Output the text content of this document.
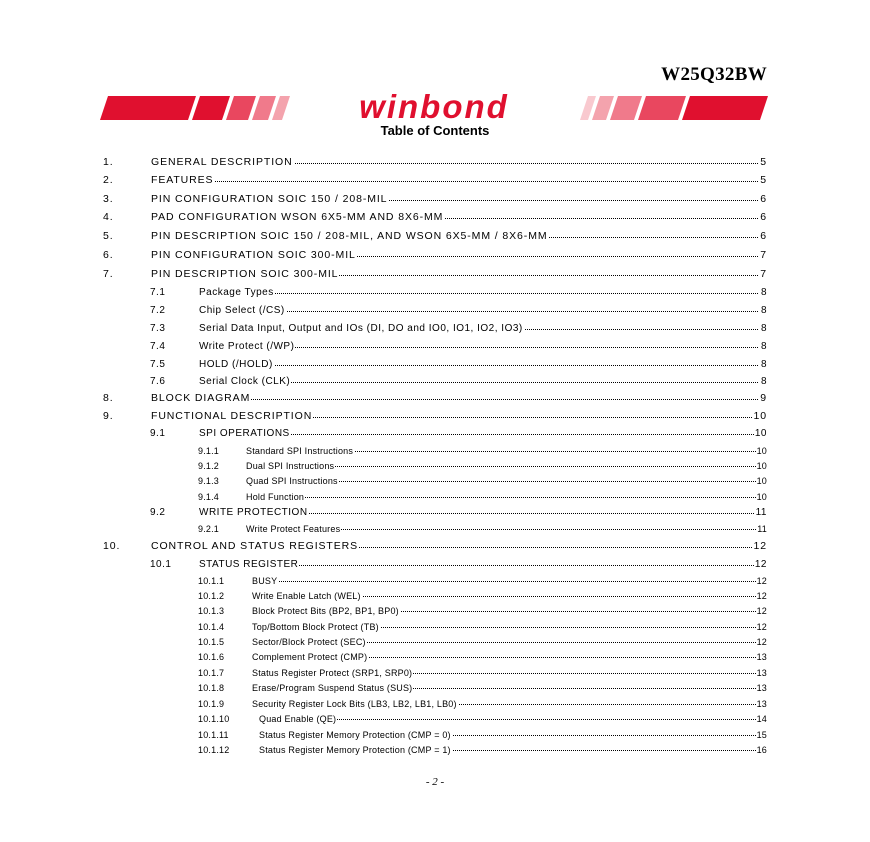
W25Q32BW
winbond
Table of Contents
1.	GENERAL DESCRIPTION	5
2.	FEATURES	5
3.	PIN CONFIGURATION SOIC 150 / 208-MIL	6
4.	PAD CONFIGURATION WSON 6X5-MM AND 8X6-MM	6
5.	PIN DESCRIPTION SOIC 150 / 208-MIL, AND WSON 6X5-MM / 8X6-MM	6
6.	PIN CONFIGURATION SOIC 300-MIL	7
7.	PIN DESCRIPTION SOIC 300-MIL	7
7.1	Package Types	8
7.2	Chip Select (/CS)	8
7.3	Serial Data Input, Output and IOs (DI, DO and IO0, IO1, IO2, IO3)	8
7.4	Write Protect (/WP)	8
7.5	HOLD (/HOLD)	8
7.6	Serial Clock (CLK)	8
8.	BLOCK DIAGRAM	9
9.	FUNCTIONAL DESCRIPTION	10
9.1	SPI OPERATIONS	10
9.1.1	Standard SPI Instructions	10
9.1.2	Dual SPI Instructions	10
9.1.3	Quad SPI Instructions	10
9.1.4	Hold Function	10
9.2	WRITE PROTECTION	11
9.2.1	Write Protect Features	11
10.	CONTROL AND STATUS REGISTERS	12
10.1	STATUS REGISTER	12
10.1.1	BUSY	12
10.1.2	Write Enable Latch (WEL)	12
10.1.3	Block Protect Bits (BP2, BP1, BP0)	12
10.1.4	Top/Bottom Block Protect (TB)	12
10.1.5	Sector/Block Protect (SEC)	12
10.1.6	Complement Protect (CMP)	13
10.1.7	Status Register Protect (SRP1, SRP0)	13
10.1.8	Erase/Program Suspend Status (SUS)	13
10.1.9	Security Register Lock Bits (LB3, LB2, LB1, LB0)	13
10.1.10	Quad Enable (QE)	14
10.1.11	Status Register Memory Protection (CMP = 0)	15
10.1.12	Status Register Memory Protection (CMP = 1)	16
- 2 -
